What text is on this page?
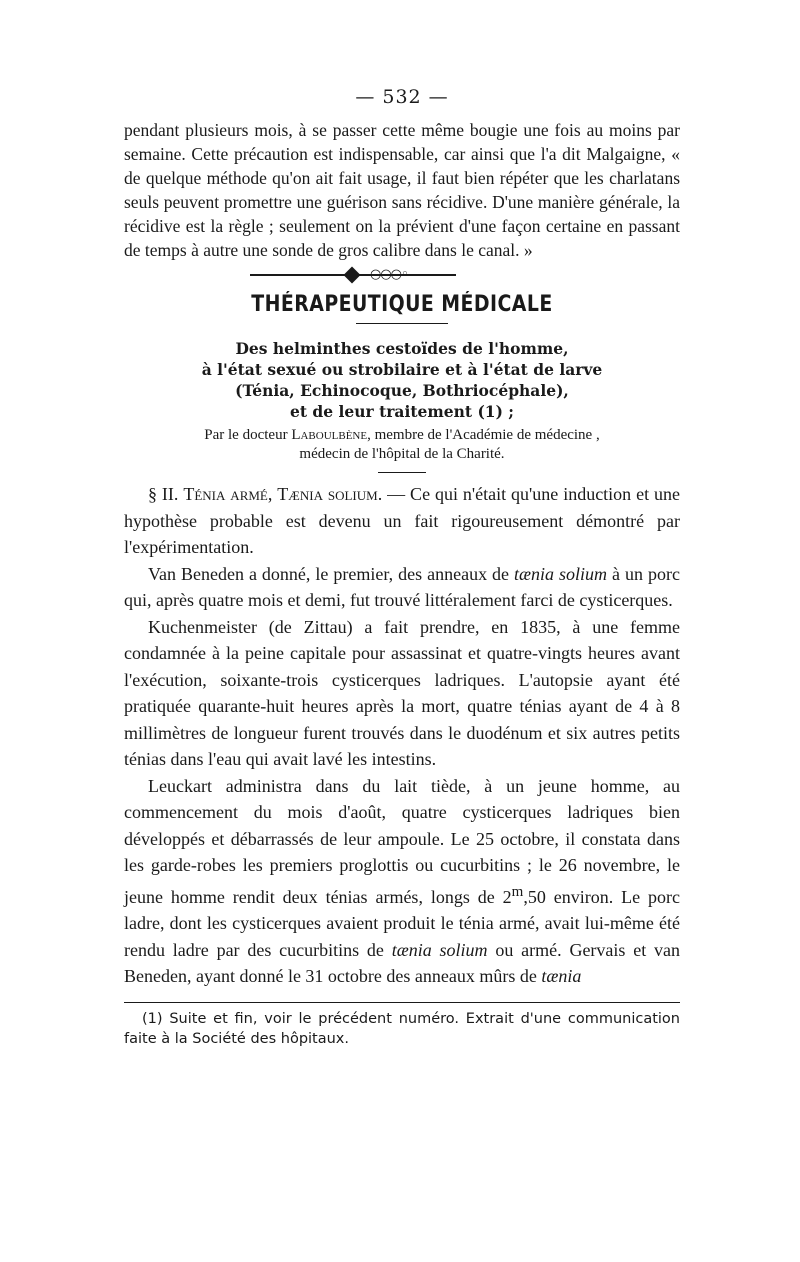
— 532 —

pendant plusieurs mois, à se passer cette même bougie une fois au moins par semaine. Cette précaution est indispensable, car ainsi que l'a dit Malgaigne, « de quelque méthode qu'on ait fait usage, il faut bien répéter que les charlatans seuls peuvent promettre une guérison sans récidive. D'une manière générale, la récidive est la règle ; seulement on la prévient d'une façon certaine en passant de temps à autre une sonde de gros calibre dans le canal. »

○○○◦
THÉRAPEUTIQUE MÉDICALE

Des helminthes cestoïdes de l'homme,

à l'état sexué ou strobilaire et à l'état de larve

(Ténia, Echinocoque, Bothriocéphale),

et de leur traitement (1) ;

Par le docteur Laboulbène, membre de l'Académie de médecine ,
médecin de l'hôpital de la Charité.

§ II. Ténia armé, Tænia solium. — Ce qui n'était qu'une induction et une hypothèse probable est devenu un fait rigoureusement démontré par l'expérimentation.

Van Beneden a donné, le premier, des anneaux de tænia solium à un porc qui, après quatre mois et demi, fut trouvé littéralement farci de cysticerques.

Kuchenmeister (de Zittau) a fait prendre, en 1835, à une femme condamnée à la peine capitale pour assassinat et quatre-vingts heures avant l'exécution, soixante-trois cysticerques ladriques. L'autopsie ayant été pratiquée quarante-huit heures après la mort, quatre ténias ayant de 4 à 8 millimètres de longueur furent trouvés dans le duodénum et six autres petits ténias dans l'eau qui avait lavé les intestins.

Leuckart administra dans du lait tiède, à un jeune homme, au commencement du mois d'août, quatre cysticerques ladriques bien développés et débarrassés de leur ampoule. Le 25 octobre, il constata dans les garde-robes les premiers proglottis ou cucurbitins ; le 26 novembre, le jeune homme rendit deux ténias armés, longs de 2$^m$,50 environ. Le porc ladre, dont les cysticerques avaient produit le ténia armé, avait lui-même été rendu ladre par des cucurbitins de tænia solium ou armé. Gervais et van Beneden, ayant donné le 31 octobre des anneaux mûrs de tænia

(1) Suite et fin, voir le précédent numéro. Extrait d'une communication faite à la Société des hôpitaux.
